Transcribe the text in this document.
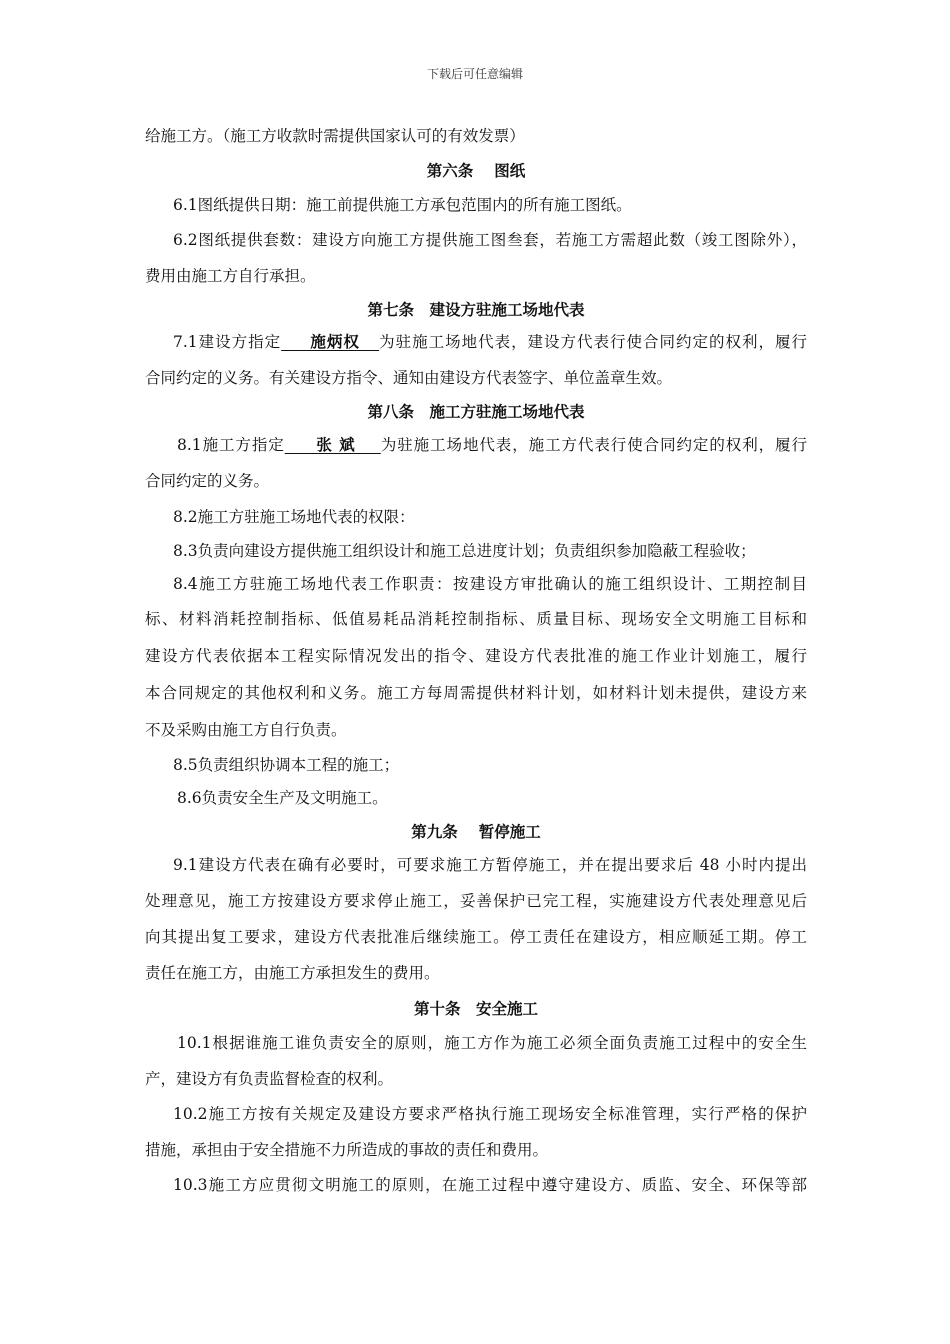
下载后可任意编辑
给施工方。（施工方收款时需提供国家认可的有效发票）
第六条　 图纸
6.1图纸提供日期：施工前提供施工方承包范围内的所有施工图纸。
6.2图纸提供套数：建设方向施工方提供施工图叁套，若施工方需超此数（竣工图除外），
费用由施工方自行承担。
第七条　建设方驻施工场地代表
7.1建设方指定　  施炳权   为驻施工场地代表，建设方代表行使合同约定的权利，履行
合同约定的义务。有关建设方指令、通知由建设方代表签字、单位盖章生效。
第八条　施工方驻施工场地代表
8.1施工方指定     张 斌    为驻施工场地代表，施工方代表行使合同约定的权利，履行
合同约定的义务。
8.2施工方驻施工场地代表的权限：
8.3负责向建设方提供施工组织设计和施工总进度计划；负责组织参加隐蔽工程验收；
8.4施工方驻施工场地代表工作职责：按建设方审批确认的施工组织设计、工期控制目
标、材料消耗控制指标、低值易耗品消耗控制指标、质量目标、现场安全文明施工目标和
建设方代表依据本工程实际情况发出的指令、建设方代表批准的施工作业计划施工，履行
本合同规定的其他权利和义务。施工方每周需提供材料计划，如材料计划未提供，建设方来
不及采购由施工方自行负责。
8.5负责组织协调本工程的施工；
8.6负责安全生产及文明施工。
第九条　 暂停施工
9.1建设方代表在确有必要时，可要求施工方暂停施工，并在提出要求后 48 小时内提出
处理意见，施工方按建设方要求停止施工，妥善保护已完工程，实施建设方代表处理意见后
向其提出复工要求，建设方代表批准后继续施工。停工责任在建设方，相应顺延工期。停工
责任在施工方，由施工方承担发生的费用。
第十条　安全施工
10.1根据谁施工谁负责安全的原则，施工方作为施工必须全面负责施工过程中的安全生
产，建设方有负责监督检查的权利。
10.2施工方按有关规定及建设方要求严格执行施工现场安全标准管理，实行严格的保护
措施，承担由于安全措施不力所造成的事故的责任和费用。
10.3施工方应贯彻文明施工的原则，在施工过程中遵守建设方、质监、安全、环保等部
